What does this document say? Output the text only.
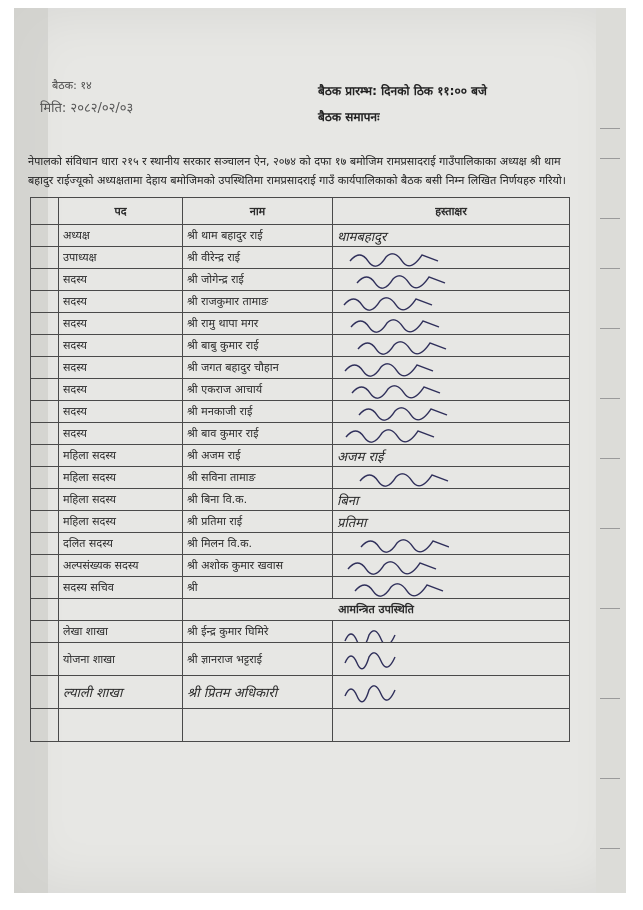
बैठक: १४
मिति: २०८२/०२/०३
बैठक प्रारम्भ: दिनको ठिक ११:०० बजे
बैठक समापनः
नेपालको संविधान धारा २१५ र स्थानीय सरकार सञ्चालन ऐन, २०७४ को दफा १७ बमोजिम रामप्रसादराई गाउँपालिकाका अध्यक्ष श्री थाम बहादुर राईज्यूको अध्यक्षतामा देहाय बमोजिमको उपस्थितिमा रामप्रसादराई गाउँ कार्यपालिकाको बैठक बसी निम्न लिखित निर्णयहरु गरियो।
	पद	नाम	हस्ताक्षर
	अध्यक्ष	श्री थाम बहादुर राई	थामबहादुर
	उपाध्यक्ष	श्री वीरेन्द्र राई	

	सदस्य	श्री जोगेन्द्र राई	

	सदस्य	श्री राजकुमार तामाङ	

	सदस्य	श्री रामु थापा मगर	

	सदस्य	श्री बाबु कुमार राई	

	सदस्य	श्री जगत बहादुर चौहान	

	सदस्य	श्री एकराज आचार्य	

	सदस्य	श्री मनकाजी राई	

	सदस्य	श्री बाव कुमार राई	

	महिला सदस्य	श्री अजम राई	अजम राई
	महिला सदस्य	श्री सविना तामाङ	

	महिला सदस्य	श्री बिना वि.क.	बिना
	महिला सदस्य	श्री प्रतिमा राई	प्रतिमा
	दलित सदस्य	श्री मिलन वि.क.	

	अल्पसंख्यक सदस्य	श्री अशोक कुमार खवास	

	सदस्य सचिव	श्री	

		आमन्त्रित उपस्थिति	
	लेखा शाखा	श्री ईन्द्र कुमार घिमिरे	

	योजना शाखा	श्री ज्ञानराज भट्टराई	

	ल्याली शाखा	श्री प्रितम अधिकारी	
